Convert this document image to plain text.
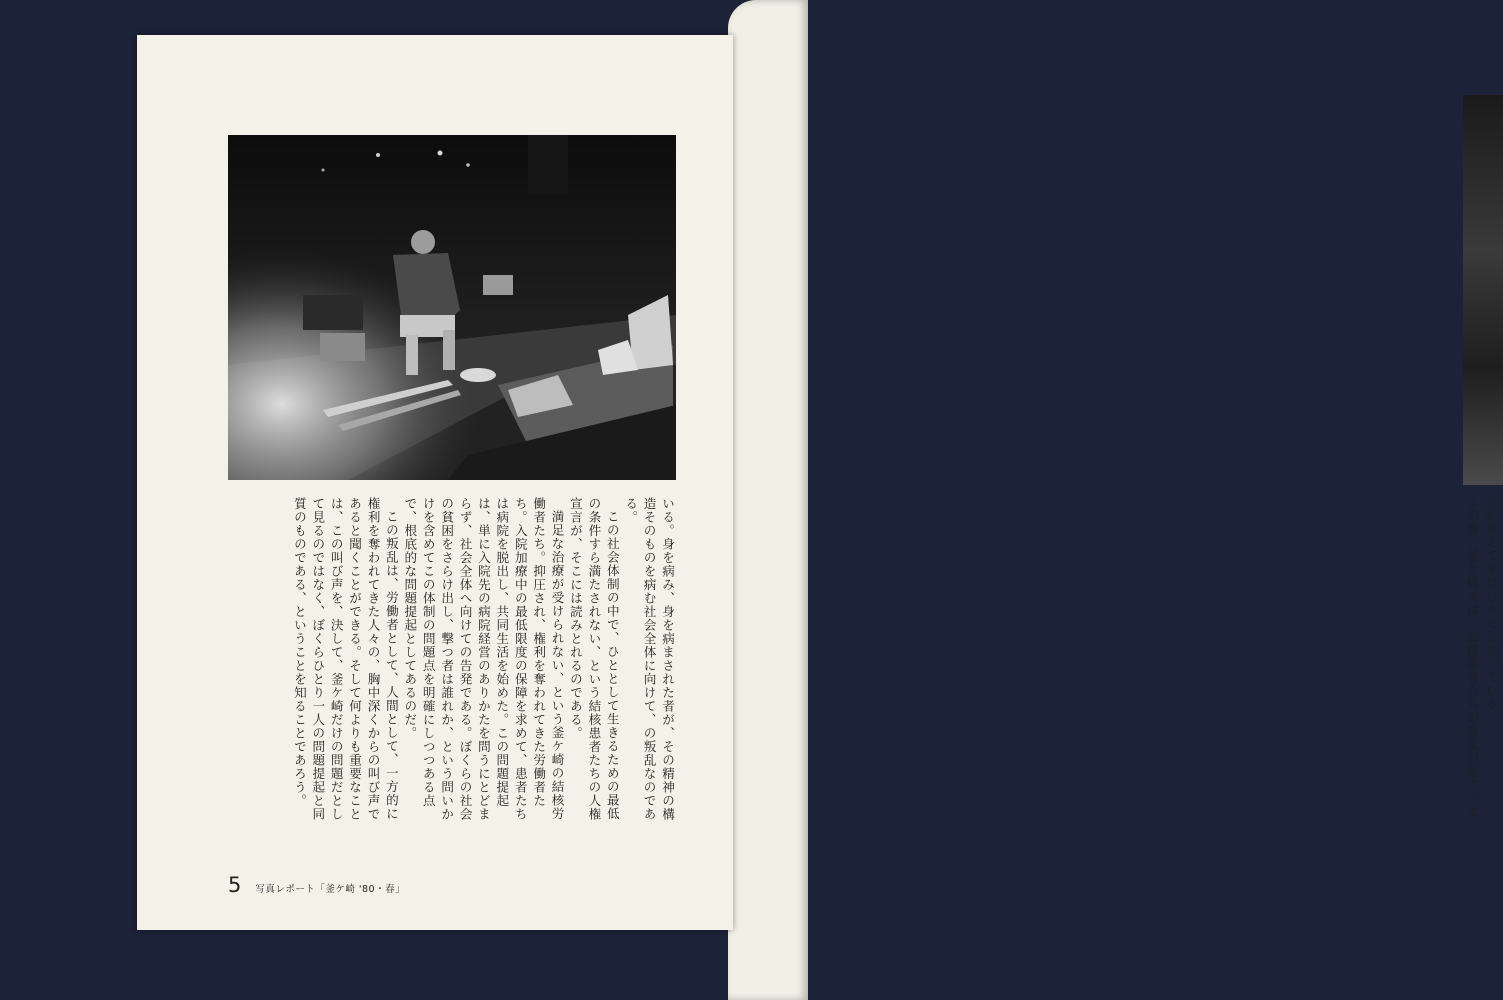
とが見えてきはじめたと思っている。
この春、釜ケ崎では、結核患者たちの叛乱が起こって

いる。身を病み、身を病まされた者が、その精神の構造そのものを病む社会全体に向けて、の叛乱なのである。

この社会体制の中で、ひととして生きるための最低の条件すら満たされない、という結核患者たちの人権宣言が、そこには読みとれるのである。

満足な治療が受けられない、という釜ケ崎の結核労働者たち。抑圧され、権利を奪われてきた労働者たち。入院加療中の最低限度の保障を求めて、患者たちは病院を脱出し、共同生活を始めた。この問題提起は、単に入院先の病院経営のありかたを問うにとどまらず、社会全体へ向けての告発である。ぼくらの社会の貧困をさらけ出し、撃つ者は誰れか、という問いかけを含めてこの体制の問題点を明確にしつつある点で、根底的な問題提起としてあるのだ。

この叛乱は、労働者として、人間として、一方的に権利を奪われてきた人々の、胸中深くからの叫び声であると聞くことができる。そして何よりも重要なことは、この叫び声を、決して、釜ケ崎だけの問題だとして見るのではなく、ぼくらひとり一人の問題提起と同質のものである、ということを知ることであろう。

5 写真レポート「釜ケ崎 '80・春」
